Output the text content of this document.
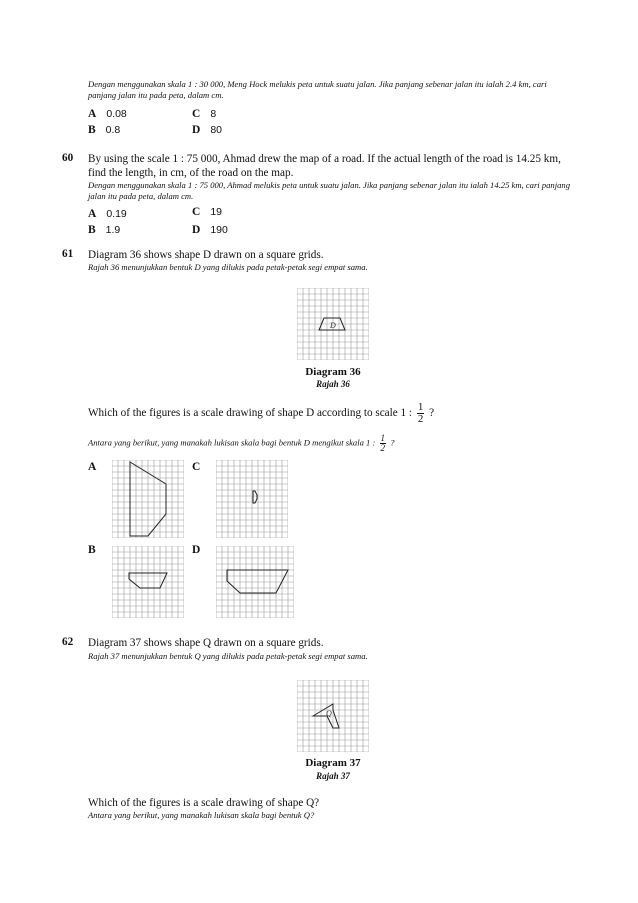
Dengan menggunakan skala 1 : 30 000, Meng Hock melukis peta untuk suatu jalan. Jika panjang sebenar jalan itu ialah 2.4 km, cari panjang jalan itu pada peta, dalam cm.
A 0.08	C 8
B 0.8	D 80
60 By using the scale 1 : 75 000, Ahmad drew the map of a road. If the actual length of the road is 14.25 km, find the length, in cm, of the road on the map.
Dengan menggunakan skala 1 : 75 000, Ahmad melukis peta untuk suatu jalan. Jika panjang sebenar jalan itu ialah 14.25 km, cari panjang jalan itu pada peta, dalam cm.
A 0.19	C 19
B 1.9	D 190
61 Diagram 36 shows shape D drawn on a square grids.
Rajah 36 menunjukkan bentuk D yang dilukis pada petak-petak segi empat sama.
D
Diagram 36
Rajah 36
Which of the figures is a scale drawing of shape D according to scale 1 : $\frac{1}{2}$ ?
Antara yang berikut, yang manakah lukisan skala bagi bentuk D mengikut skala 1 : $\frac{1}{2}$ ?
A	C
B	D
62 Diagram 37 shows shape Q drawn on a square grids.
Rajah 37 menunjukkan bentuk Q yang dilukis pada petak-petak segi empat sama.
Q
Diagram 37
Rajah 37
Which of the figures is a scale drawing of shape Q?
Antara yang berikut, yang manakah lukisan skala bagi bentuk Q?
